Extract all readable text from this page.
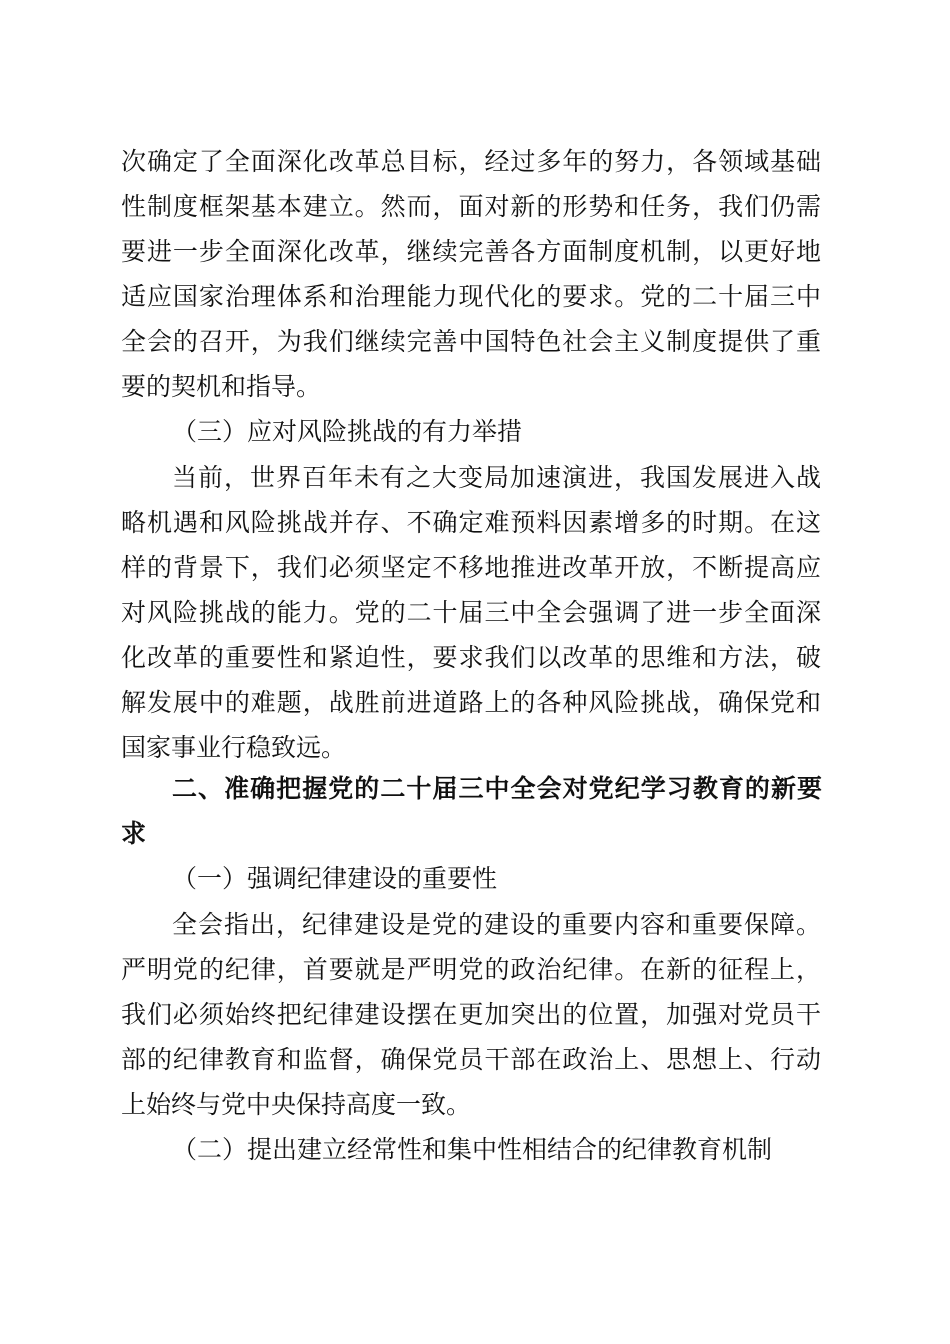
次确定了全面深化改革总目标，经过多年的努力，各领域基础
性制度框架基本建立。然而，面对新的形势和任务，我们仍需
要进一步全面深化改革，继续完善各方面制度机制，以更好地
适应国家治理体系和治理能力现代化的要求。党的二十届三中
全会的召开，为我们继续完善中国特色社会主义制度提供了重
要的契机和指导。
（三）应对风险挑战的有力举措
当前，世界百年未有之大变局加速演进，我国发展进入战
略机遇和风险挑战并存、不确定难预料因素增多的时期。在这
样的背景下，我们必须坚定不移地推进改革开放，不断提高应
对风险挑战的能力。党的二十届三中全会强调了进一步全面深
化改革的重要性和紧迫性，要求我们以改革的思维和方法，破
解发展中的难题，战胜前进道路上的各种风险挑战，确保党和
国家事业行稳致远。
二、准确把握党的二十届三中全会对党纪学习教育的新要
求
（一）强调纪律建设的重要性
全会指出，纪律建设是党的建设的重要内容和重要保障。
严明党的纪律，首要就是严明党的政治纪律。在新的征程上，
我们必须始终把纪律建设摆在更加突出的位置，加强对党员干
部的纪律教育和监督，确保党员干部在政治上、思想上、行动
上始终与党中央保持高度一致。
（二）提出建立经常性和集中性相结合的纪律教育机制
